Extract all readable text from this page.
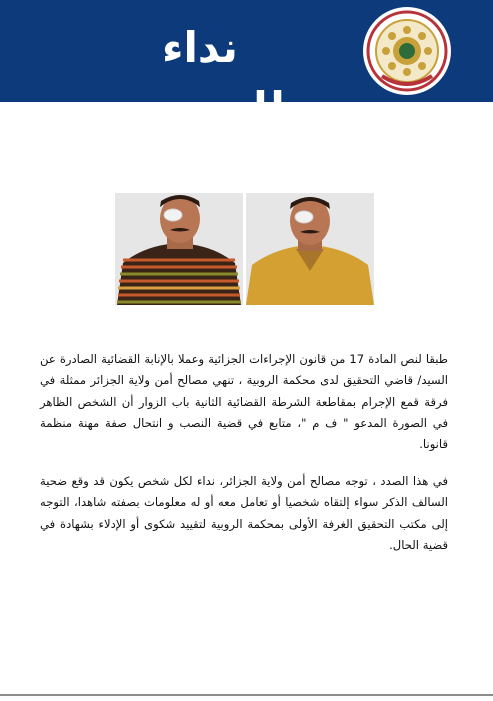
نداء للجمهور

طبقا لنص المادة 17 من قانون الإجراءات الجزائية وعملا بالإنابة القضائية الصادرة عن السيد/ قاضي التحقيق لدى محكمة الروبية ، تنهي مصالح أمن ولاية الجزائر ممثلة في فرقة قمع الإجرام بمقاطعة الشرطة القضائية الثانية باب الزوار أن الشخص الظاهر في الصورة المدعو " ف م "، متابع في قضية النصب و انتحال صفة مهنة منظمة قانونا.

في هذا الصدد ، توجه مصالح أمن ولاية الجزائر، نداء لكل شخص يكون قد وقع ضحية السالف الذكر سواء إلتقاه شخصيا أو تعامل معه أو له معلومات بصفته شاهدا، التوجه إلى مكتب التحقيق الغرفة الأولى بمحكمة الروبية لتقييد شكوى أو الإدلاء بشهادة في قضية الحال.
